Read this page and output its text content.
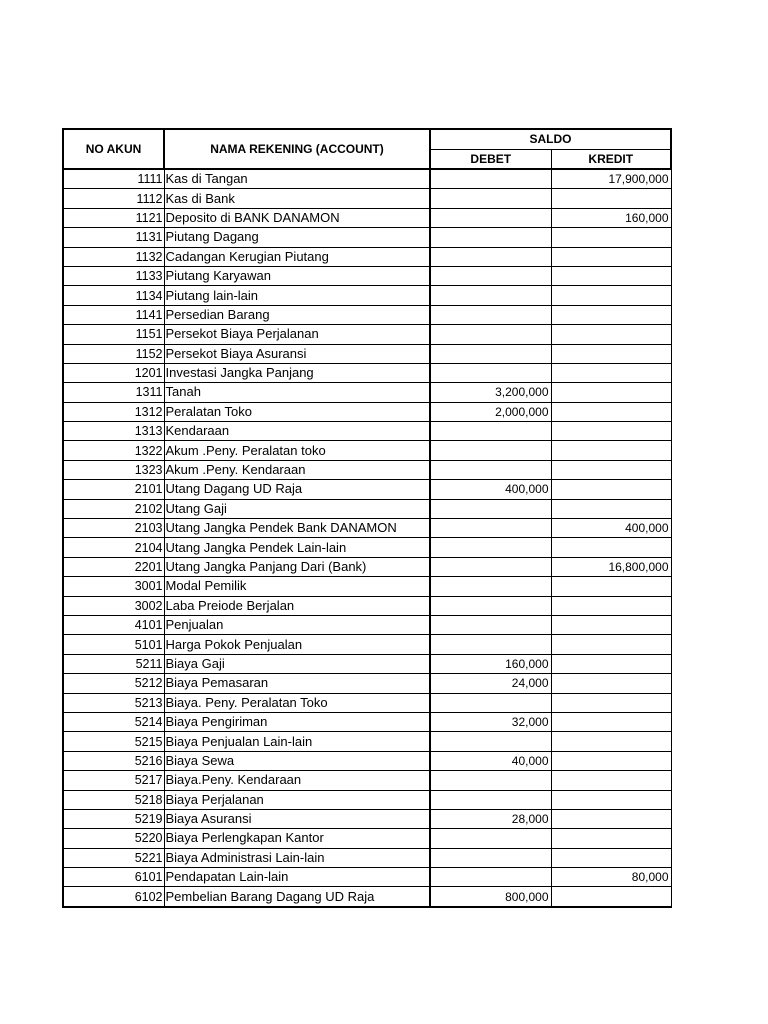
NO AKUN	NAMA REKENING (ACCOUNT)	SALDO	
		DEBET	KREDIT
1111	Kas di Tangan		17,900,000
1112	Kas di Bank		
1121	Deposito di BANK DANAMON		160,000
1131	Piutang Dagang		
1132	Cadangan Kerugian Piutang		
1133	Piutang Karyawan		
1134	Piutang lain-lain		
1141	Persedian Barang		
1151	Persekot Biaya Perjalanan		
1152	Persekot Biaya Asuransi		
1201	Investasi Jangka Panjang		
1311	Tanah	3,200,000	
1312	Peralatan Toko	2,000,000	
1313	Kendaraan		
1322	Akum .Peny. Peralatan toko		
1323	Akum .Peny. Kendaraan		
2101	Utang Dagang UD Raja	400,000	
2102	Utang Gaji		
2103	Utang Jangka Pendek Bank DANAMON		400,000
2104	Utang Jangka Pendek Lain-lain		
2201	Utang Jangka Panjang Dari (Bank)		16,800,000
3001	Modal Pemilik		
3002	Laba Preiode Berjalan		
4101	Penjualan		
5101	Harga Pokok Penjualan		
5211	Biaya Gaji	160,000	
5212	Biaya Pemasaran	24,000	
5213	Biaya. Peny. Peralatan Toko		
5214	Biaya Pengiriman	32,000	
5215	Biaya Penjualan Lain-lain		
5216	Biaya Sewa	40,000	
5217	Biaya.Peny. Kendaraan		
5218	Biaya Perjalanan		
5219	Biaya Asuransi	28,000	
5220	Biaya Perlengkapan Kantor		
5221	Biaya Administrasi Lain-lain		
6101	Pendapatan Lain-lain		80,000
6102	Pembelian Barang Dagang UD Raja	800,000	
